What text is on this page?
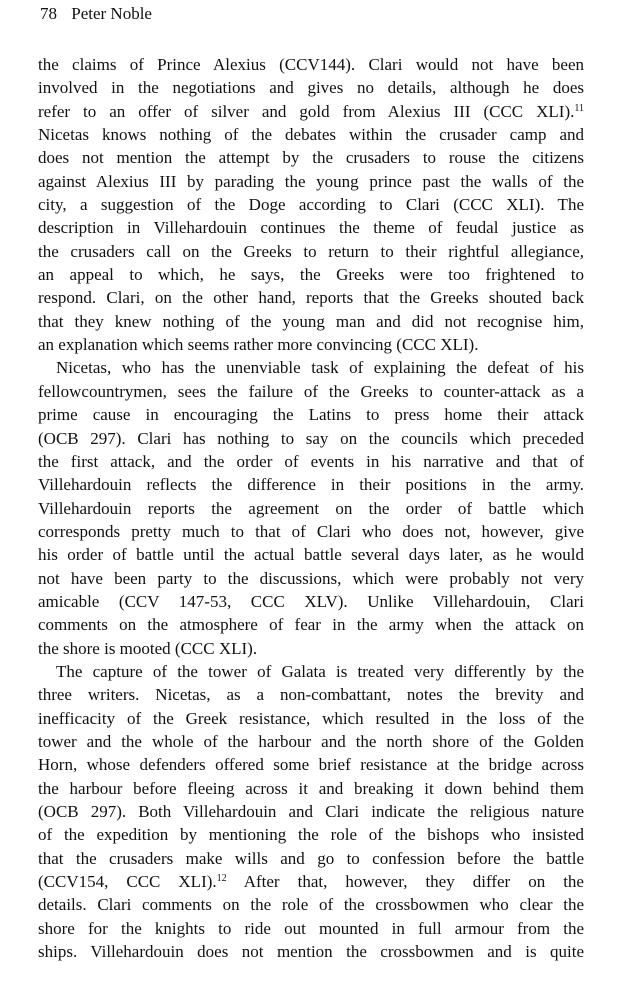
78 Peter Noble
the claims of Prince Alexius (CCV144). Clari would not have been
involved in the negotiations and gives no details, although he does
refer to an offer of silver and gold from Alexius III (CCC XLI).$^{11}$
Nicetas knows nothing of the debates within the crusader camp and
does not mention the attempt by the crusaders to rouse the citizens
against Alexius III by parading the young prince past the walls of the
city, a suggestion of the Doge according to Clari (CCC XLI). The
description in Villehardouin continues the theme of feudal justice as
the crusaders call on the Greeks to return to their rightful allegiance,
an appeal to which, he says, the Greeks were too frightened to
respond. Clari, on the other hand, reports that the Greeks shouted back
that they knew nothing of the young man and did not recognise him,
an explanation which seems rather more convincing (CCC XLI).
Nicetas, who has the unenviable task of explaining the defeat of his
fellowcountrymen, sees the failure of the Greeks to counter-attack as a
prime cause in encouraging the Latins to press home their attack
(OCB 297). Clari has nothing to say on the councils which preceded
the first attack, and the order of events in his narrative and that of
Villehardouin reflects the difference in their positions in the army.
Villehardouin reports the agreement on the order of battle which
corresponds pretty much to that of Clari who does not, however, give
his order of battle until the actual battle several days later, as he would
not have been party to the discussions, which were probably not very
amicable (CCV 147-53, CCC XLV). Unlike Villehardouin, Clari
comments on the atmosphere of fear in the army when the attack on
the shore is mooted (CCC XLI).
The capture of the tower of Galata is treated very differently by the
three writers. Nicetas, as a non-combattant, notes the brevity and
inefficacity of the Greek resistance, which resulted in the loss of the
tower and the whole of the harbour and the north shore of the Golden
Horn, whose defenders offered some brief resistance at the bridge across
the harbour before fleeing across it and breaking it down behind them
(OCB 297). Both Villehardouin and Clari indicate the religious nature
of the expedition by mentioning the role of the bishops who insisted
that the crusaders make wills and go to confession before the battle
(CCV154, CCC XLI).$^{12}$ After that, however, they differ on the
details. Clari comments on the role of the crossbowmen who clear the
shore for the knights to ride out mounted in full armour from the
ships. Villehardouin does not mention the crossbowmen and is quite
